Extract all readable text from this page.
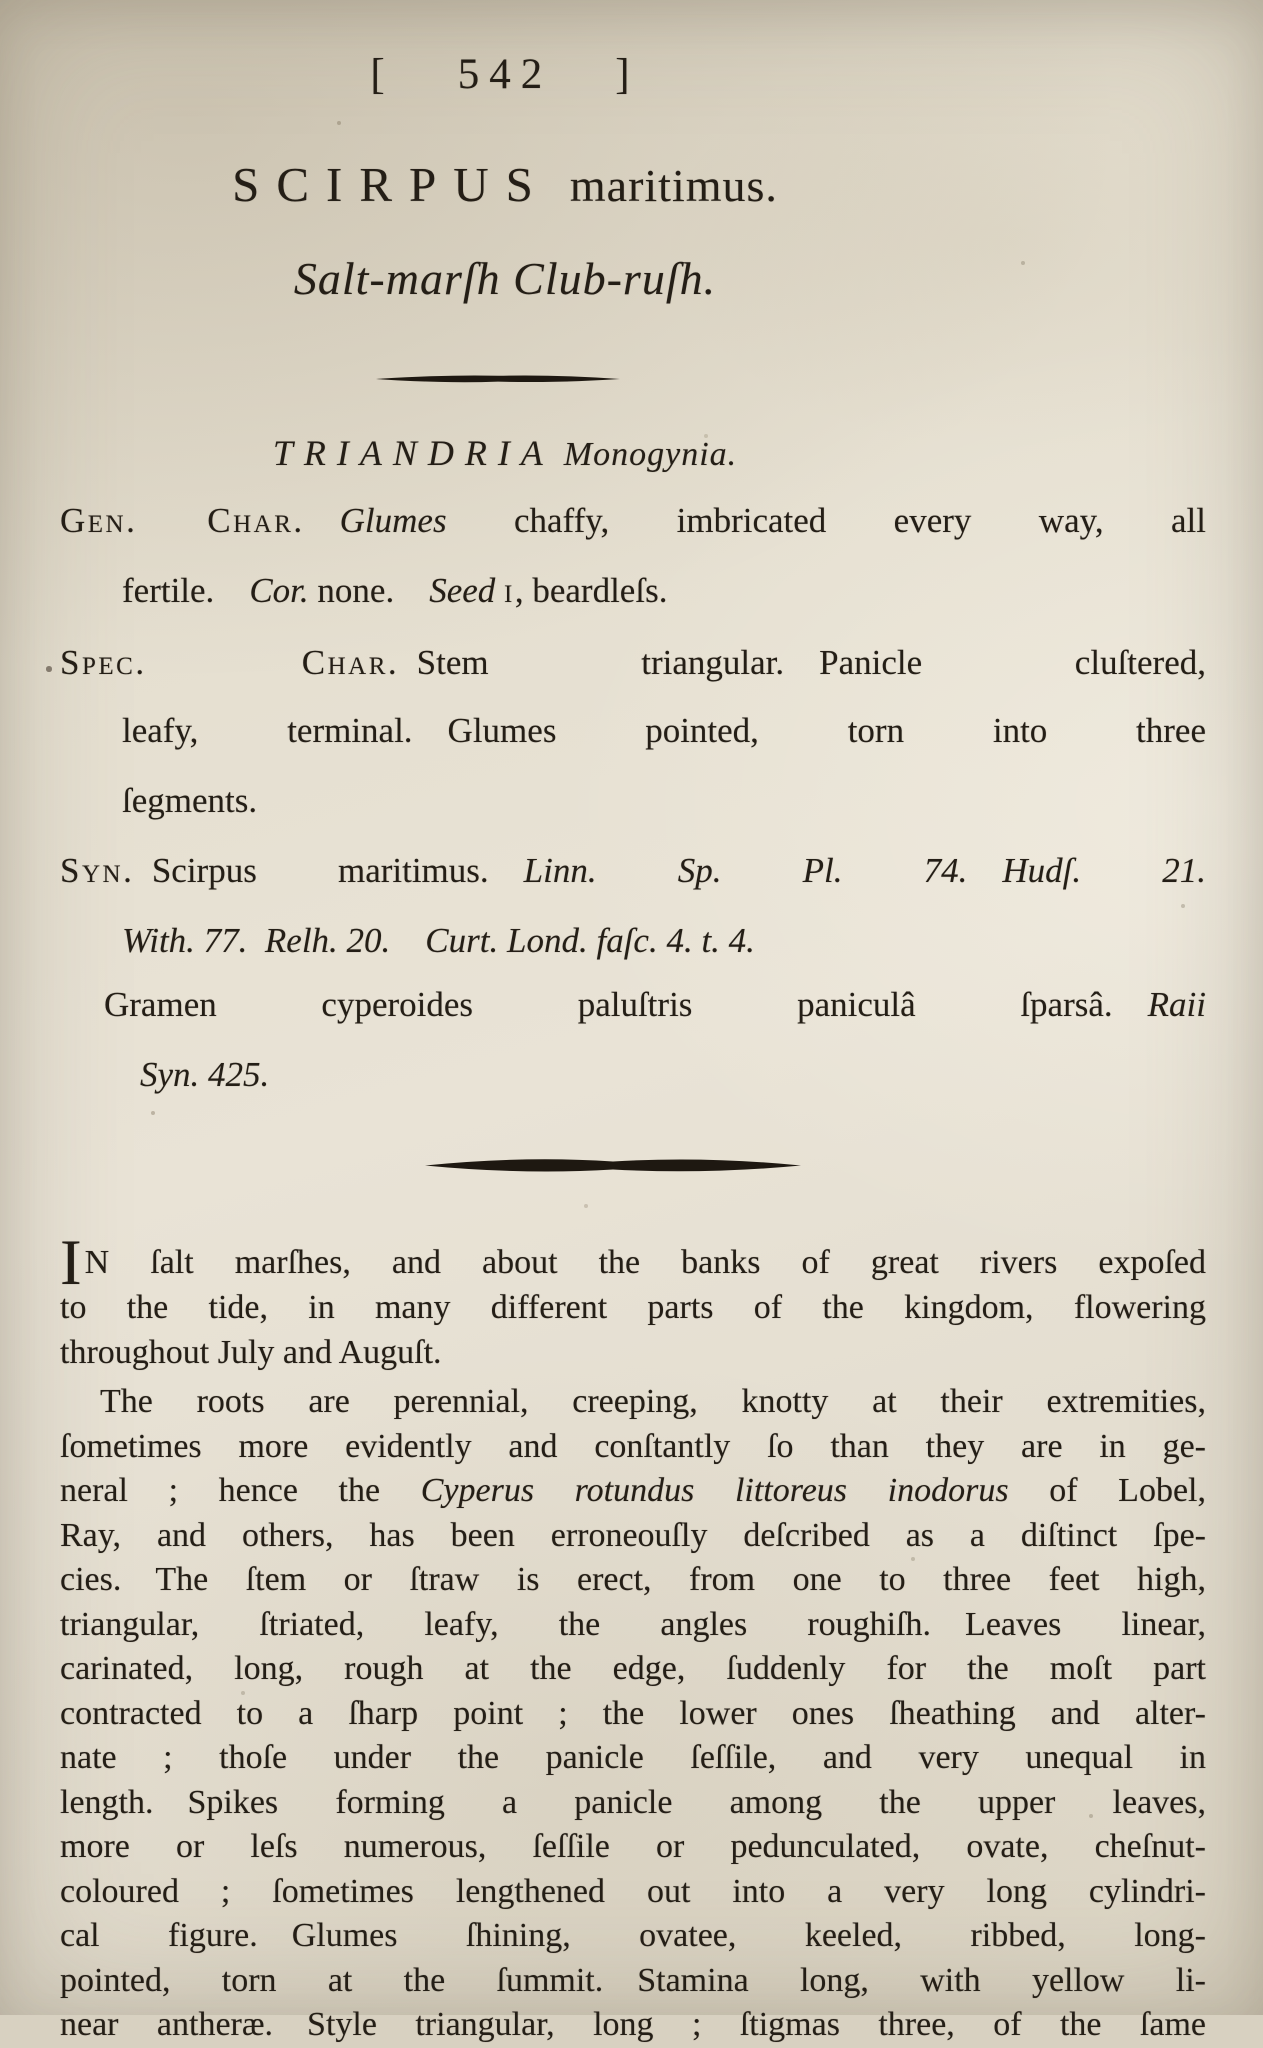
[  542  ]
SCIRPUS maritimus.
Salt-marſh Club-ruſh.
TRIANDRIA Monogynia.
Gen. Char.   Glumes chaffy, imbricated every way, all
fertile.  Cor. none.  Seed i, beardleſs.
Spec. Char. Stem triangular.  Panicle cluſtered,
leafy, terminal.  Glumes pointed, torn into three
ſegments.
Syn. Scirpus maritimus.  Linn. Sp. Pl. 74.  Hudſ. 21.
With. 77. Relh. 20.  Curt. Lond. faſc. 4. t. 4.
Gramen cyperoides paluſtris paniculâ ſparsâ.  Raii
Syn. 425.
IN ſalt marſhes, and about the banks of great rivers expoſed
to the tide, in many different parts of the kingdom, flowering
throughout July and Auguſt.
The roots are perennial, creeping, knotty at their extremities,
ſometimes more evidently and conſtantly ſo than they are in ge-
neral ; hence the Cyperus rotundus littoreus inodorus of Lobel,
Ray, and others, has been erroneouſly deſcribed as a diſtinct ſpe-
cies.  The ſtem or ſtraw is erect, from one to three feet high,
triangular, ſtriated, leafy, the angles roughiſh.  Leaves linear,
carinated, long, rough at the edge, ſuddenly for the moſt part
contracted to a ſharp point ; the lower ones ſheathing and alter-
nate ; thoſe under the panicle ſeſſile, and very unequal in
length.  Spikes forming a panicle among the upper leaves,
more or leſs numerous, ſeſſile or pedunculated, ovate, cheſnut-
coloured ; ſometimes lengthened out into a very long cylindri-
cal figure.  Glumes ſhining, ovatee, keeled, ribbed, long-
pointed, torn at the ſummit.  Stamina long, with yellow li-
near antheræ.  Style triangular, long ; ſtigmas three, of the ſame
